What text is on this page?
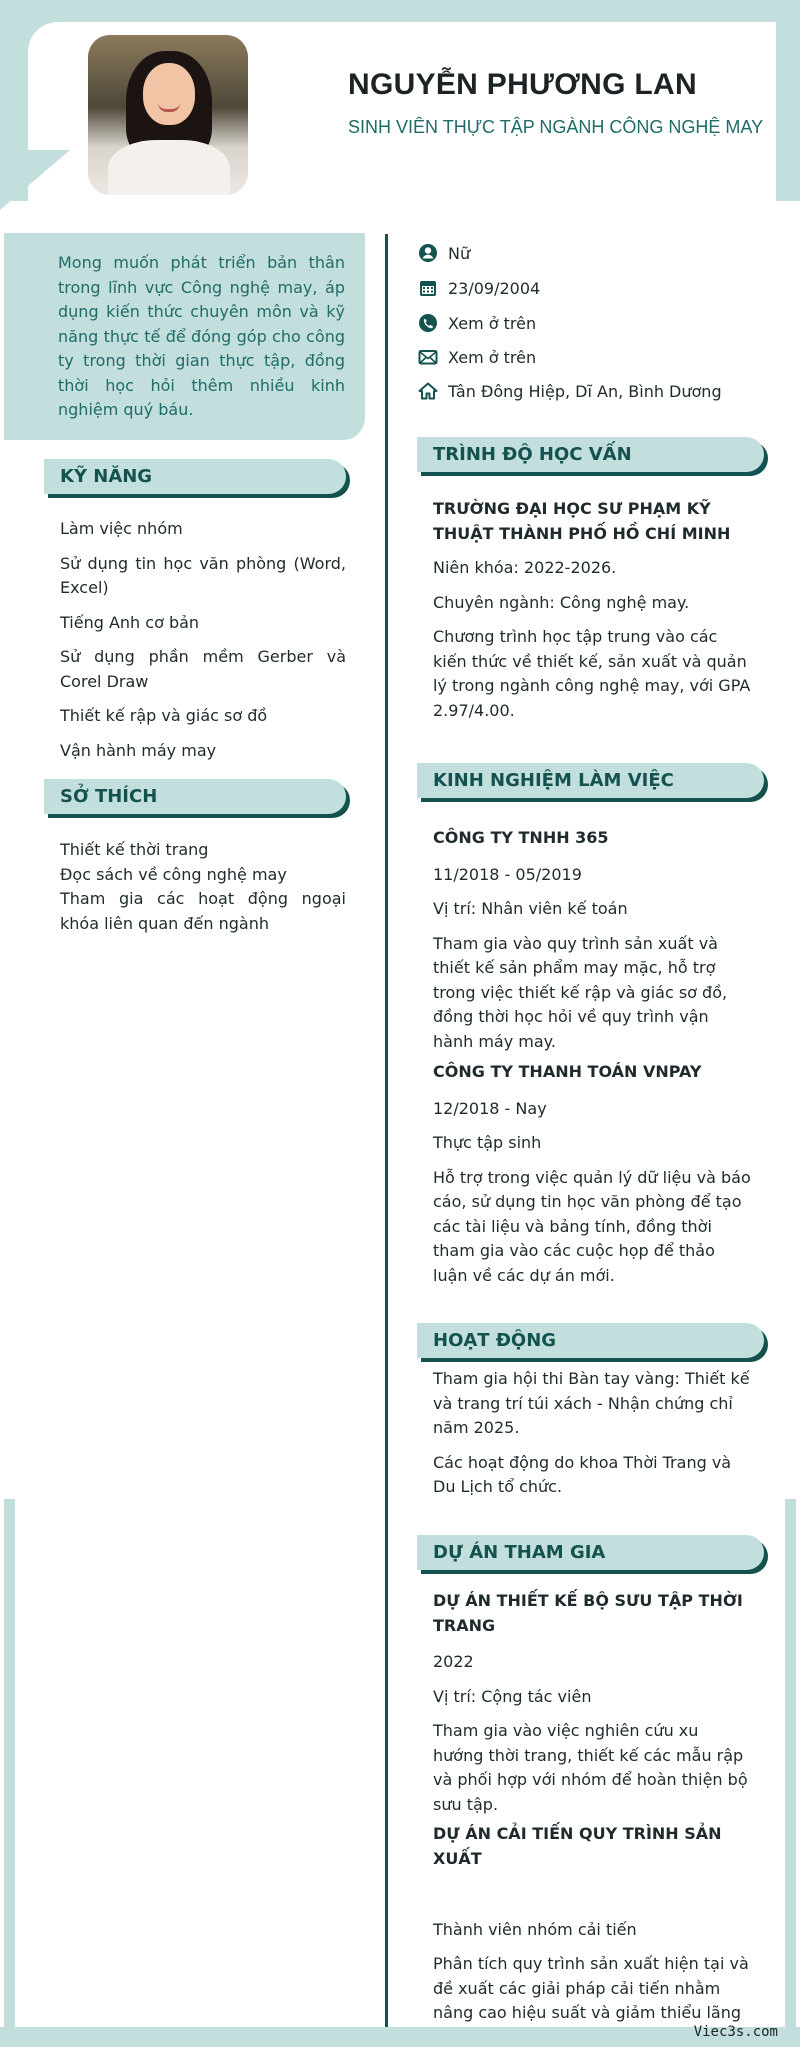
NGUYỄN PHƯƠNG LAN
SINH VIÊN THỰC TẬP NGÀNH CÔNG NGHỆ MAY
Mong muốn phát triển bản thân trong lĩnh vực Công nghệ may, áp dụng kiến thức chuyên môn và kỹ năng thực tế để đóng góp cho công ty trong thời gian thực tập, đồng thời học hỏi thêm nhiều kinh nghiệm quý báu.
KỸ NĂNG
Làm việc nhóm
Sử dụng tin học văn phòng (Word, Excel)
Tiếng Anh cơ bản
Sử dụng phần mềm Gerber và Corel Draw
Thiết kế rập và giác sơ đồ
Vận hành máy may
SỞ THÍCH
Thiết kế thời trang
Đọc sách về công nghệ may
Tham gia các hoạt động ngoại khóa liên quan đến ngành
Nữ
23/09/2004
Xem ở trên
Xem ở trên
Tân Đông Hiệp, Dĩ An, Bình Dương
TRÌNH ĐỘ HỌC VẤN
TRƯỜNG ĐẠI HỌC SƯ PHẠM KỸ THUẬT THÀNH PHỐ HỒ CHÍ MINH
Niên khóa: 2022-2026.
Chuyên ngành: Công nghệ may.
Chương trình học tập trung vào các kiến thức về thiết kế, sản xuất và quản lý trong ngành công nghệ may, với GPA 2.97/4.00.
KINH NGHIỆM LÀM VIỆC
CÔNG TY TNHH 365
11/2018 - 05/2019
Vị trí: Nhân viên kế toán
Tham gia vào quy trình sản xuất và thiết kế sản phẩm may mặc, hỗ trợ trong việc thiết kế rập và giác sơ đồ, đồng thời học hỏi về quy trình vận hành máy may.
CÔNG TY THANH TOÁN VNPAY
12/2018 - Nay
Thực tập sinh
Hỗ trợ trong việc quản lý dữ liệu và báo cáo, sử dụng tin học văn phòng để tạo các tài liệu và bảng tính, đồng thời tham gia vào các cuộc họp để thảo luận về các dự án mới.
HOẠT ĐỘNG
Tham gia hội thi Bàn tay vàng: Thiết kế và trang trí túi xách - Nhận chứng chỉ năm 2025.
Các hoạt động do khoa Thời Trang và Du Lịch tổ chức.
DỰ ÁN THAM GIA
DỰ ÁN THIẾT KẾ BỘ SƯU TẬP THỜI TRANG
2022
Vị trí: Cộng tác viên
Tham gia vào việc nghiên cứu xu hướng thời trang, thiết kế các mẫu rập và phối hợp với nhóm để hoàn thiện bộ sưu tập.
DỰ ÁN CẢI TIẾN QUY TRÌNH SẢN XUẤT
Thành viên nhóm cải tiến
Phân tích quy trình sản xuất hiện tại và đề xuất các giải pháp cải tiến nhằm nâng cao hiệu suất và giảm thiểu lãng
Viec3s.com
